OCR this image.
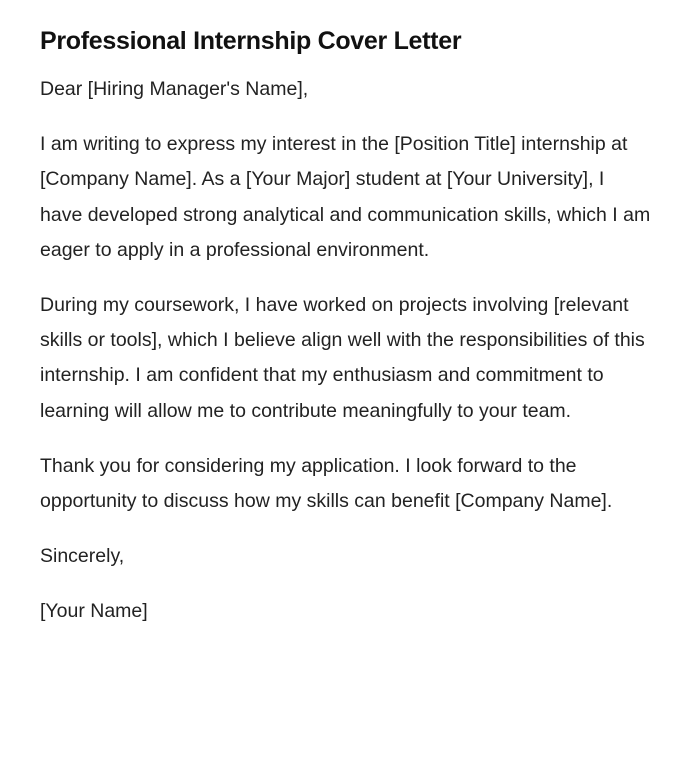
Professional Internship Cover Letter

Dear [Hiring Manager's Name],

I am writing to express my interest in the [Position Title] internship at [Company Name]. As a [Your Major] student at [Your University], I have developed strong analytical and communication skills, which I am eager to apply in a professional environment.

During my coursework, I have worked on projects involving [relevant skills or tools], which I believe align well with the responsibilities of this internship. I am confident that my enthusiasm and commitment to learning will allow me to contribute meaningfully to your team.

Thank you for considering my application. I look forward to the opportunity to discuss how my skills can benefit [Company Name].

Sincerely,

[Your Name]
